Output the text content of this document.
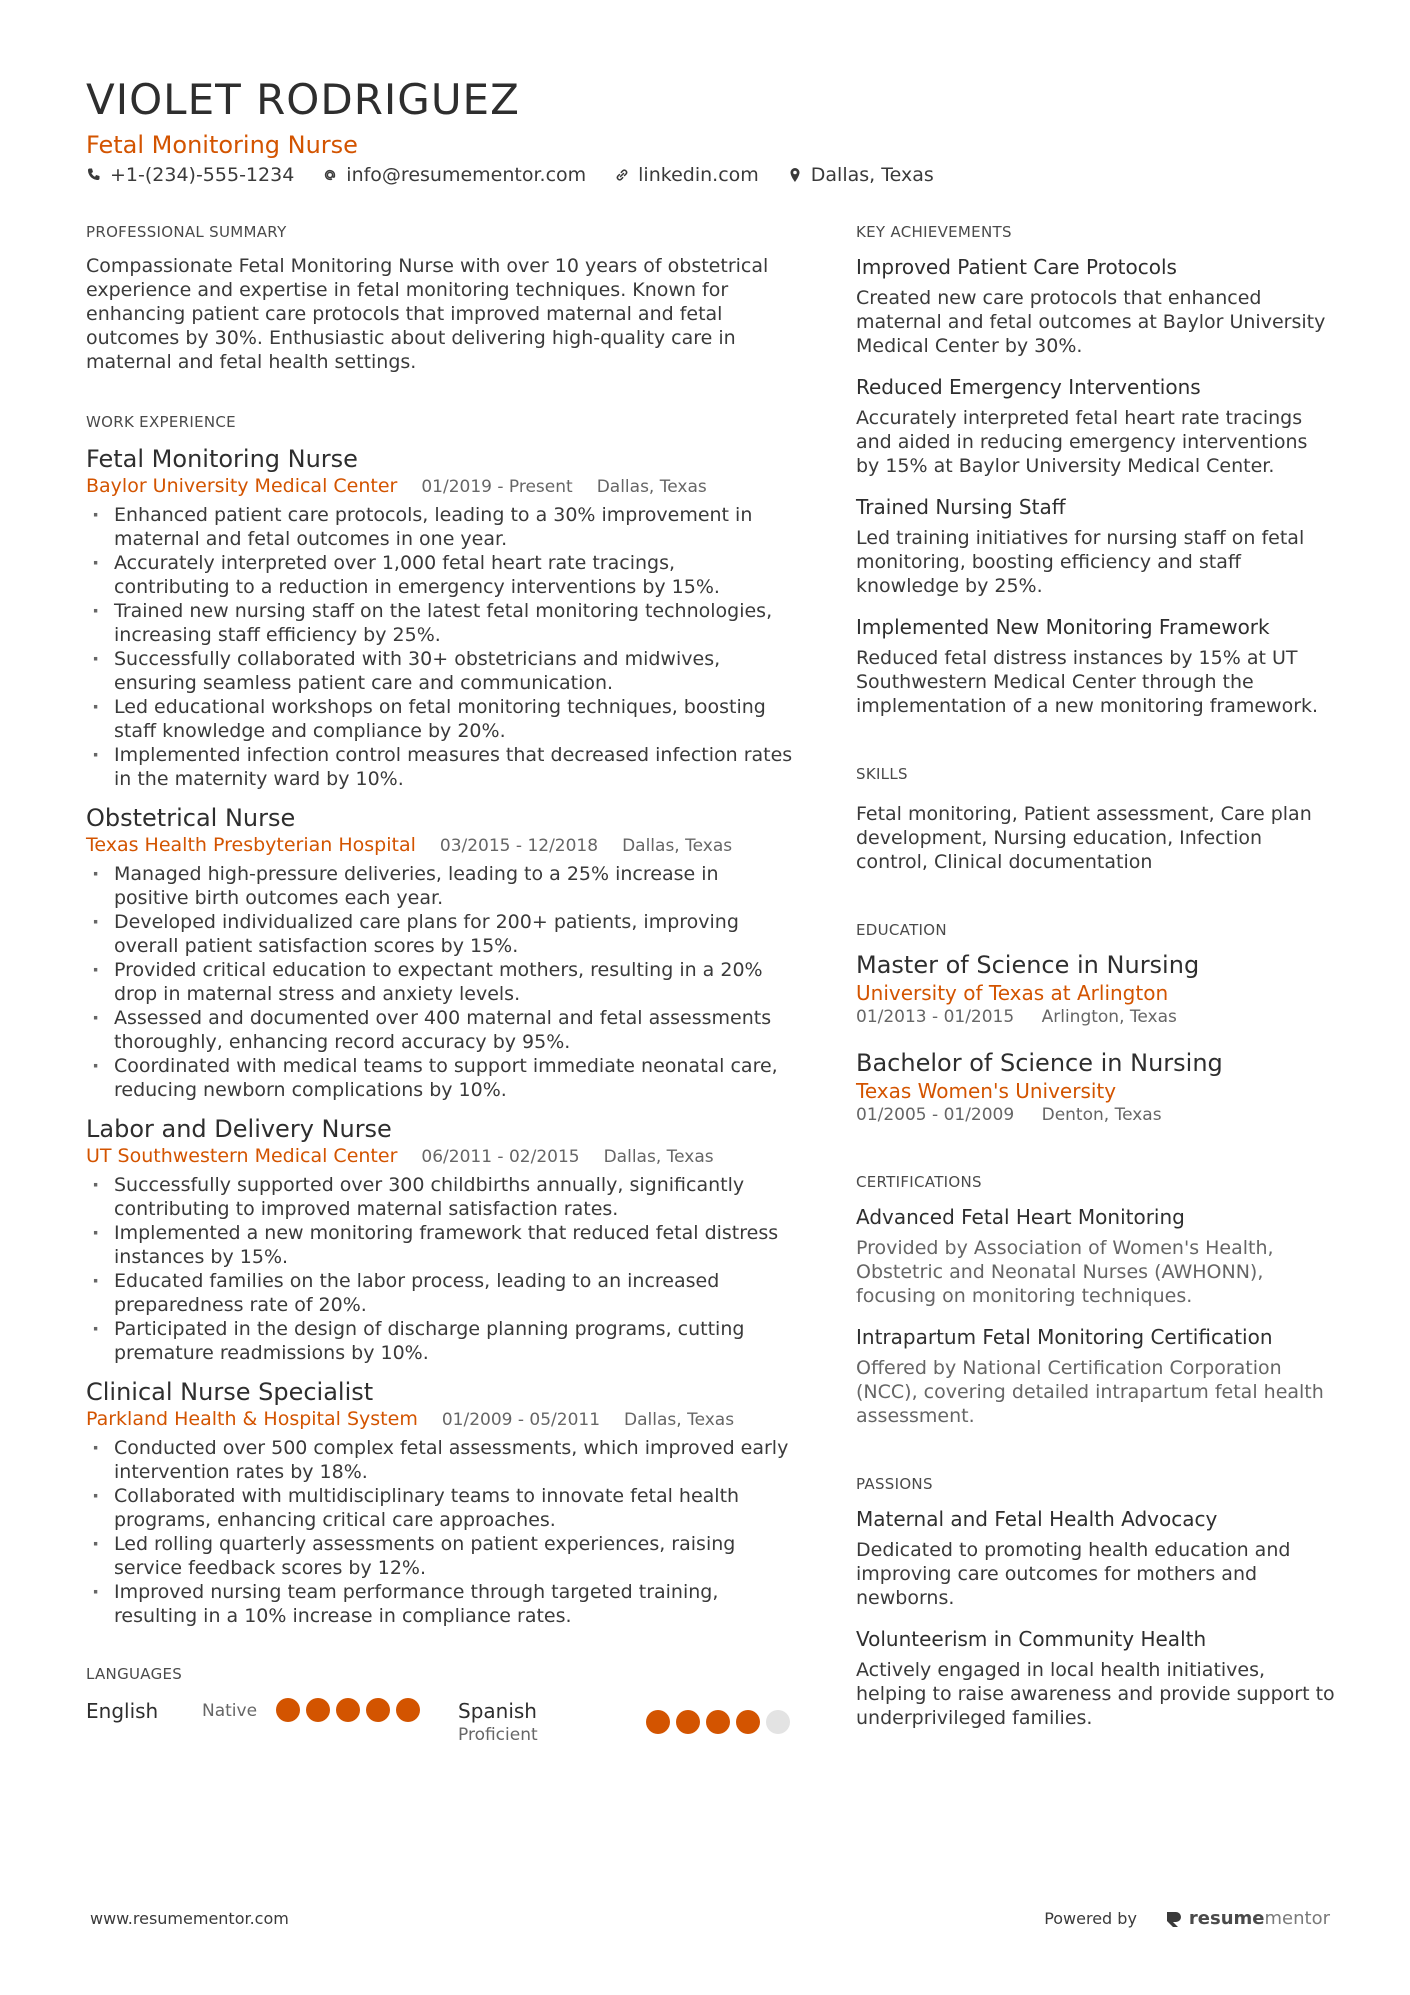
VIOLET RODRIGUEZ
Fetal Monitoring Nurse
+1-(234)-555-1234	info@resumementor.com	linkedin.com	Dallas, Texas
PROFESSIONAL SUMMARY
Compassionate Fetal Monitoring Nurse with over 10 years of obstetrical experience and expertise in fetal monitoring techniques. Known for enhancing patient care protocols that improved maternal and fetal outcomes by 30%. Enthusiastic about delivering high-quality care in maternal and fetal health settings.
WORK EXPERIENCE
Fetal Monitoring Nurse
Baylor University Medical Center 01/2019 - Present Dallas, Texas
· Enhanced patient care protocols, leading to a 30% improvement in maternal and fetal outcomes in one year.
· Accurately interpreted over 1,000 fetal heart rate tracings, contributing to a reduction in emergency interventions by 15%.
· Trained new nursing staff on the latest fetal monitoring technologies, increasing staff efficiency by 25%.
· Successfully collaborated with 30+ obstetricians and midwives, ensuring seamless patient care and communication.
· Led educational workshops on fetal monitoring techniques, boosting staff knowledge and compliance by 20%.
· Implemented infection control measures that decreased infection rates in the maternity ward by 10%.
Obstetrical Nurse
Texas Health Presbyterian Hospital 03/2015 - 12/2018 Dallas, Texas
· Managed high-pressure deliveries, leading to a 25% increase in positive birth outcomes each year.
· Developed individualized care plans for 200+ patients, improving overall patient satisfaction scores by 15%.
· Provided critical education to expectant mothers, resulting in a 20% drop in maternal stress and anxiety levels.
· Assessed and documented over 400 maternal and fetal assessments thoroughly, enhancing record accuracy by 95%.
· Coordinated with medical teams to support immediate neonatal care, reducing newborn complications by 10%.
Labor and Delivery Nurse
UT Southwestern Medical Center 06/2011 - 02/2015 Dallas, Texas
· Successfully supported over 300 childbirths annually, significantly contributing to improved maternal satisfaction rates.
· Implemented a new monitoring framework that reduced fetal distress instances by 15%.
· Educated families on the labor process, leading to an increased preparedness rate of 20%.
· Participated in the design of discharge planning programs, cutting premature readmissions by 10%.
Clinical Nurse Specialist
Parkland Health & Hospital System 01/2009 - 05/2011 Dallas, Texas
· Conducted over 500 complex fetal assessments, which improved early intervention rates by 18%.
· Collaborated with multidisciplinary teams to innovate fetal health programs, enhancing critical care approaches.
· Led rolling quarterly assessments on patient experiences, raising service feedback scores by 12%.
· Improved nursing team performance through targeted training, resulting in a 10% increase in compliance rates.
LANGUAGES
English	Native	Spanish
Proficient
KEY ACHIEVEMENTS
Improved Patient Care Protocols
Created new care protocols that enhanced maternal and fetal outcomes at Baylor University Medical Center by 30%.
Reduced Emergency Interventions
Accurately interpreted fetal heart rate tracings and aided in reducing emergency interventions by 15% at Baylor University Medical Center.
Trained Nursing Staff
Led training initiatives for nursing staff on fetal monitoring, boosting efficiency and staff knowledge by 25%.
Implemented New Monitoring Framework
Reduced fetal distress instances by 15% at UT Southwestern Medical Center through the implementation of a new monitoring framework.
SKILLS
Fetal monitoring, Patient assessment, Care plan development, Nursing education, Infection control, Clinical documentation
EDUCATION
Master of Science in Nursing
University of Texas at Arlington
01/2013 - 01/2015 Arlington, Texas
Bachelor of Science in Nursing
Texas Women's University
01/2005 - 01/2009 Denton, Texas
CERTIFICATIONS
Advanced Fetal Heart Monitoring
Provided by Association of Women's Health, Obstetric and Neonatal Nurses (AWHONN), focusing on monitoring techniques.
Intrapartum Fetal Monitoring Certification
Offered by National Certification Corporation (NCC), covering detailed intrapartum fetal health assessment.
PASSIONS
Maternal and Fetal Health Advocacy
Dedicated to promoting health education and improving care outcomes for mothers and newborns.
Volunteerism in Community Health
Actively engaged in local health initiatives, helping to raise awareness and provide support to underprivileged families.
www.resumementor.com	Powered by	resume mentor
